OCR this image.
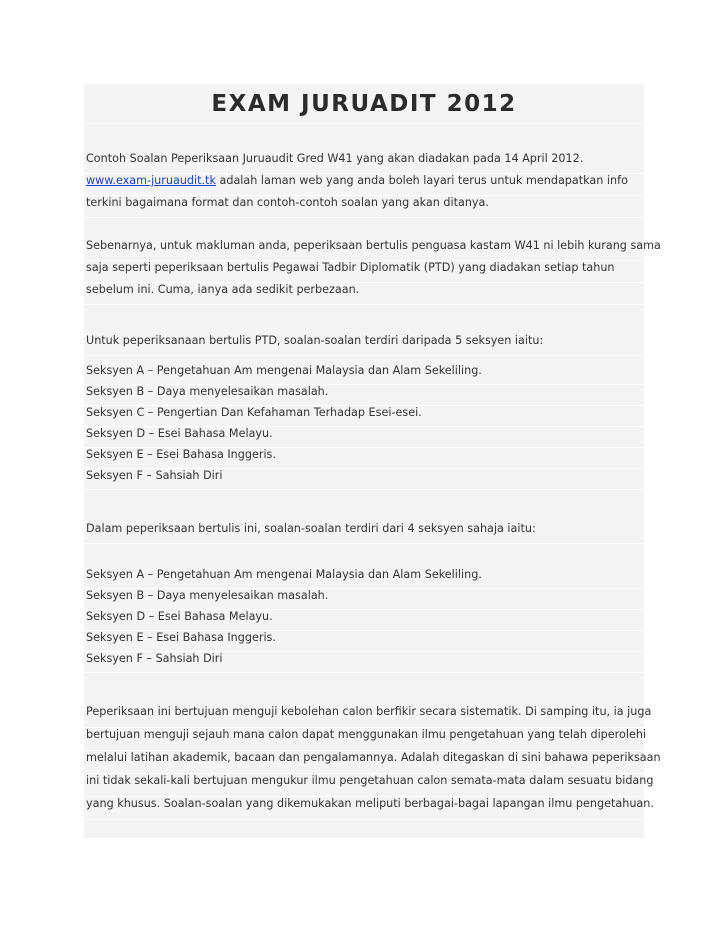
EXAM JURUADIT 2012
Contoh Soalan Peperiksaan Juruaudit Gred W41 yang akan diadakan pada 14 April 2012.
www.exam-juruaudit.tk adalah laman web yang anda boleh layari terus untuk mendapatkan info
terkini bagaimana format dan contoh-contoh soalan yang akan ditanya.
Sebenarnya, untuk makluman anda, peperiksaan bertulis penguasa kastam W41 ni lebih kurang sama
saja seperti peperiksaan bertulis Pegawai Tadbir Diplomatik (PTD) yang diadakan setiap tahun
sebelum ini. Cuma, ianya ada sedikit perbezaan.
Untuk peperiksanaan bertulis PTD, soalan-soalan terdiri daripada 5 seksyen iaitu:
Seksyen A – Pengetahuan Am mengenai Malaysia dan Alam Sekeliling.
Seksyen B – Daya menyelesaikan masalah.
Seksyen C – Pengertian Dan Kefahaman Terhadap Esei-esei.
Seksyen D – Esei Bahasa Melayu.
Seksyen E – Esei Bahasa Inggeris.
Seksyen F – Sahsiah Diri
Dalam peperiksaan bertulis ini, soalan-soalan terdiri dari 4 seksyen sahaja iaitu:
Seksyen A – Pengetahuan Am mengenai Malaysia dan Alam Sekeliling.
Seksyen B – Daya menyelesaikan masalah.
Seksyen D – Esei Bahasa Melayu.
Seksyen E – Esei Bahasa Inggeris.
Seksyen F – Sahsiah Diri
Peperiksaan ini bertujuan menguji kebolehan calon berfikir secara sistematik. Di samping itu, ia juga
bertujuan menguji sejauh mana calon dapat menggunakan ilmu pengetahuan yang telah diperolehi
melalui latihan akademik, bacaan dan pengalamannya. Adalah ditegaskan di sini bahawa peperiksaan
ini tidak sekali-kali bertujuan mengukur ilmu pengetahuan calon semata-mata dalam sesuatu bidang
yang khusus. Soalan-soalan yang dikemukakan meliputi berbagai-bagai lapangan ilmu pengetahuan.
